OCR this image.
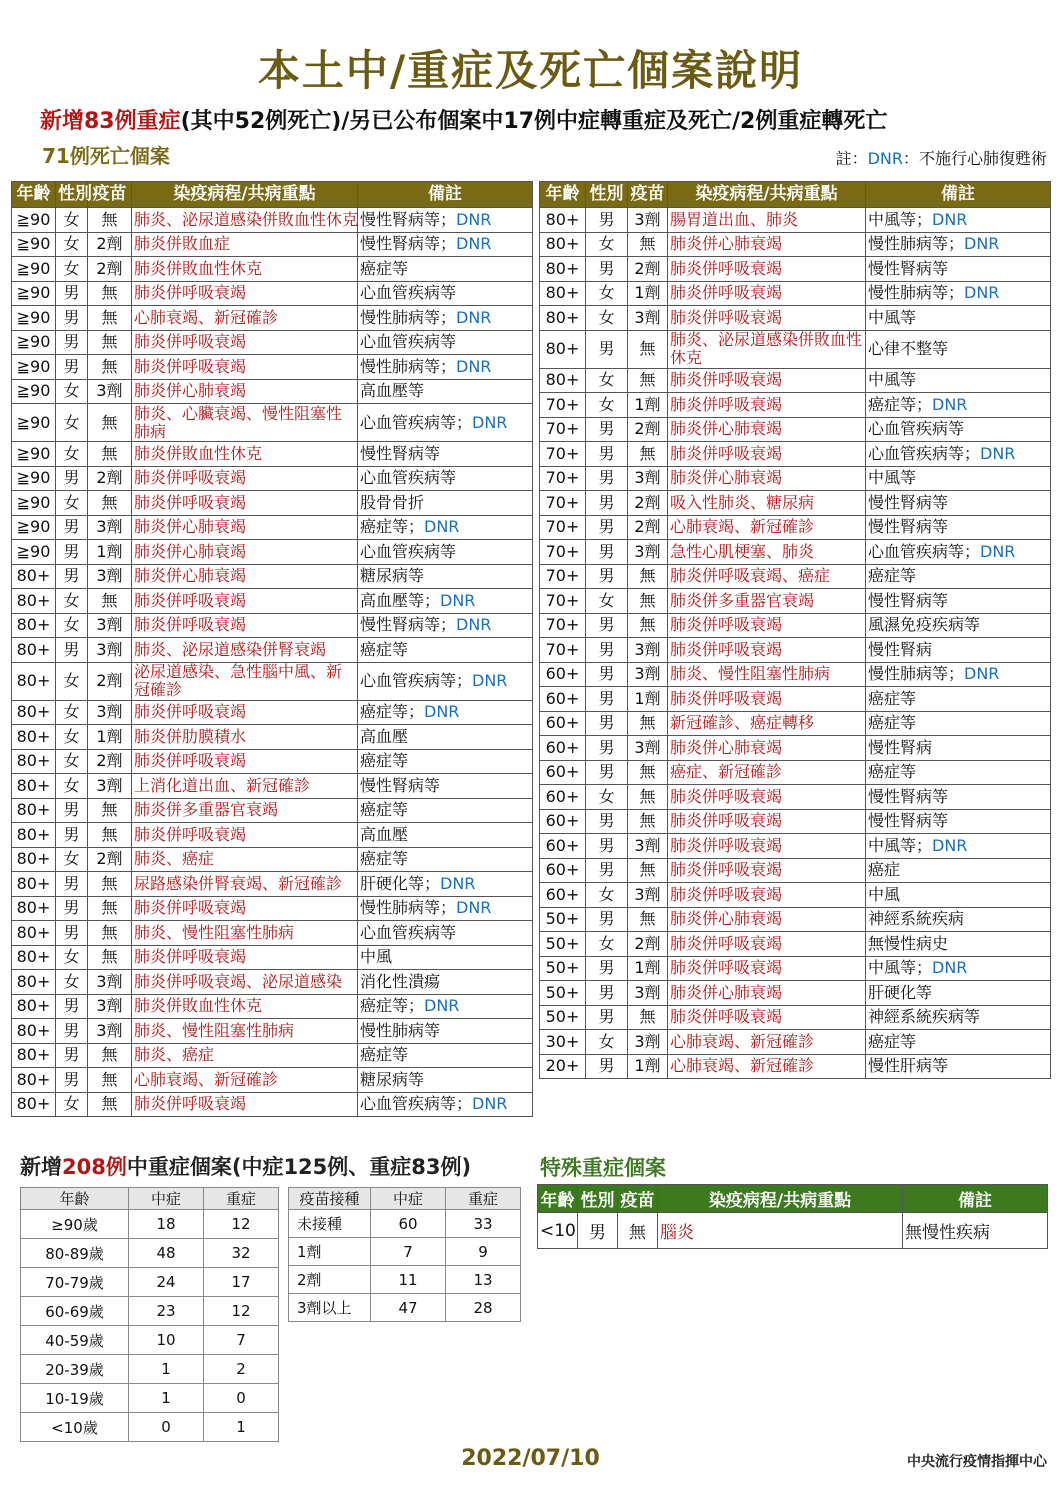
本土中/重症及死亡個案說明
新增83例重症(其中52例死亡)/另已公布個案中17例中症轉重症及死亡/2例重症轉死亡
71例死亡個案	註：DNR：不施行心肺復甦術
年齡	性別	疫苗	染疫病程/共病重點	備註
≧90	女	無	肺炎、泌尿道感染併敗血性休克	慢性腎病等；DNR
≧90	女	2劑	肺炎併敗血症	慢性腎病等；DNR
≧90	女	2劑	肺炎併敗血性休克	癌症等
≧90	男	無	肺炎併呼吸衰竭	心血管疾病等
≧90	男	無	心肺衰竭、新冠確診	慢性肺病等；DNR
≧90	男	無	肺炎併呼吸衰竭	心血管疾病等
≧90	男	無	肺炎併呼吸衰竭	慢性肺病等；DNR
≧90	女	3劑	肺炎併心肺衰竭	高血壓等
≧90	女	無	肺炎、心臟衰竭、慢性阻塞性肺病	心血管疾病等；DNR
≧90	女	無	肺炎併敗血性休克	慢性腎病等
≧90	男	2劑	肺炎併呼吸衰竭	心血管疾病等
≧90	女	無	肺炎併呼吸衰竭	股骨骨折
≧90	男	3劑	肺炎併心肺衰竭	癌症等；DNR
≧90	男	1劑	肺炎併心肺衰竭	心血管疾病等
80+	男	3劑	肺炎併心肺衰竭	糖尿病等
80+	女	無	肺炎併呼吸衰竭	高血壓等；DNR
80+	女	3劑	肺炎併呼吸衰竭	慢性腎病等；DNR
80+	男	3劑	肺炎、泌尿道感染併腎衰竭	癌症等
80+	女	2劑	泌尿道感染、急性腦中風、新冠確診	心血管疾病等；DNR
80+	女	3劑	肺炎併呼吸衰竭	癌症等；DNR
80+	女	1劑	肺炎併肋膜積水	高血壓
80+	女	2劑	肺炎併呼吸衰竭	癌症等
80+	女	3劑	上消化道出血、新冠確診	慢性腎病等
80+	男	無	肺炎併多重器官衰竭	癌症等
80+	男	無	肺炎併呼吸衰竭	高血壓
80+	女	2劑	肺炎、癌症	癌症等
80+	男	無	尿路感染併腎衰竭、新冠確診	肝硬化等；DNR
80+	男	無	肺炎併呼吸衰竭	慢性肺病等；DNR
80+	男	無	肺炎、慢性阻塞性肺病	心血管疾病等
80+	女	無	肺炎併呼吸衰竭	中風
80+	女	3劑	肺炎併呼吸衰竭、泌尿道感染	消化性潰瘍
80+	男	3劑	肺炎併敗血性休克	癌症等；DNR
80+	男	3劑	肺炎、慢性阻塞性肺病	慢性肺病等
80+	男	無	肺炎、癌症	癌症等
80+	男	無	心肺衰竭、新冠確診	糖尿病等
80+	女	無	肺炎併呼吸衰竭	心血管疾病等；DNR
年齡	性別	疫苗	染疫病程/共病重點	備註
80+	男	3劑	腸胃道出血、肺炎	中風等；DNR
80+	女	無	肺炎併心肺衰竭	慢性肺病等；DNR
80+	男	2劑	肺炎併呼吸衰竭	慢性腎病等
80+	女	1劑	肺炎併呼吸衰竭	慢性肺病等；DNR
80+	女	3劑	肺炎併呼吸衰竭	中風等
80+	男	無	肺炎、泌尿道感染併敗血性休克	心律不整等
80+	女	無	肺炎併呼吸衰竭	中風等
70+	女	1劑	肺炎併呼吸衰竭	癌症等；DNR
70+	男	2劑	肺炎併心肺衰竭	心血管疾病等
70+	男	無	肺炎併呼吸衰竭	心血管疾病等；DNR
70+	男	3劑	肺炎併心肺衰竭	中風等
70+	男	2劑	吸入性肺炎、糖尿病	慢性腎病等
70+	男	2劑	心肺衰竭、新冠確診	慢性腎病等
70+	男	3劑	急性心肌梗塞、肺炎	心血管疾病等；DNR
70+	男	無	肺炎併呼吸衰竭、癌症	癌症等
70+	女	無	肺炎併多重器官衰竭	慢性腎病等
70+	男	無	肺炎併呼吸衰竭	風濕免疫疾病等
70+	男	3劑	肺炎併呼吸衰竭	慢性腎病
60+	男	3劑	肺炎、慢性阻塞性肺病	慢性肺病等；DNR
60+	男	1劑	肺炎併呼吸衰竭	癌症等
60+	男	無	新冠確診、癌症轉移	癌症等
60+	男	3劑	肺炎併心肺衰竭	慢性腎病
60+	男	無	癌症、新冠確診	癌症等
60+	女	無	肺炎併呼吸衰竭	慢性腎病等
60+	男	無	肺炎併呼吸衰竭	慢性腎病等
60+	男	3劑	肺炎併呼吸衰竭	中風等；DNR
60+	男	無	肺炎併呼吸衰竭	癌症
60+	女	3劑	肺炎併呼吸衰竭	中風
50+	男	無	肺炎併心肺衰竭	神經系統疾病
50+	女	2劑	肺炎併呼吸衰竭	無慢性病史
50+	男	1劑	肺炎併呼吸衰竭	中風等；DNR
50+	男	3劑	肺炎併心肺衰竭	肝硬化等
50+	男	無	肺炎併呼吸衰竭	神經系統疾病等
30+	女	3劑	心肺衰竭、新冠確診	癌症等
20+	男	1劑	心肺衰竭、新冠確診	慢性肝病等
新增208例中重症個案(中症125例、重症83例)
年齡	中症	重症
≥90歲	18	12
80-89歲	48	32
70-79歲	24	17
60-69歲	23	12
40-59歲	10	7
20-39歲	1	2
10-19歲	1	0
<10歲	0	1
疫苗接種	中症	重症
未接種	60	33
1劑	7	9
2劑	11	13
3劑以上	47	28
特殊重症個案
年齡	性別	疫苗	染疫病程/共病重點	備註
<10	男	無	腦炎	無慢性疾病
2022/07/10	中央流行疫情指揮中心
